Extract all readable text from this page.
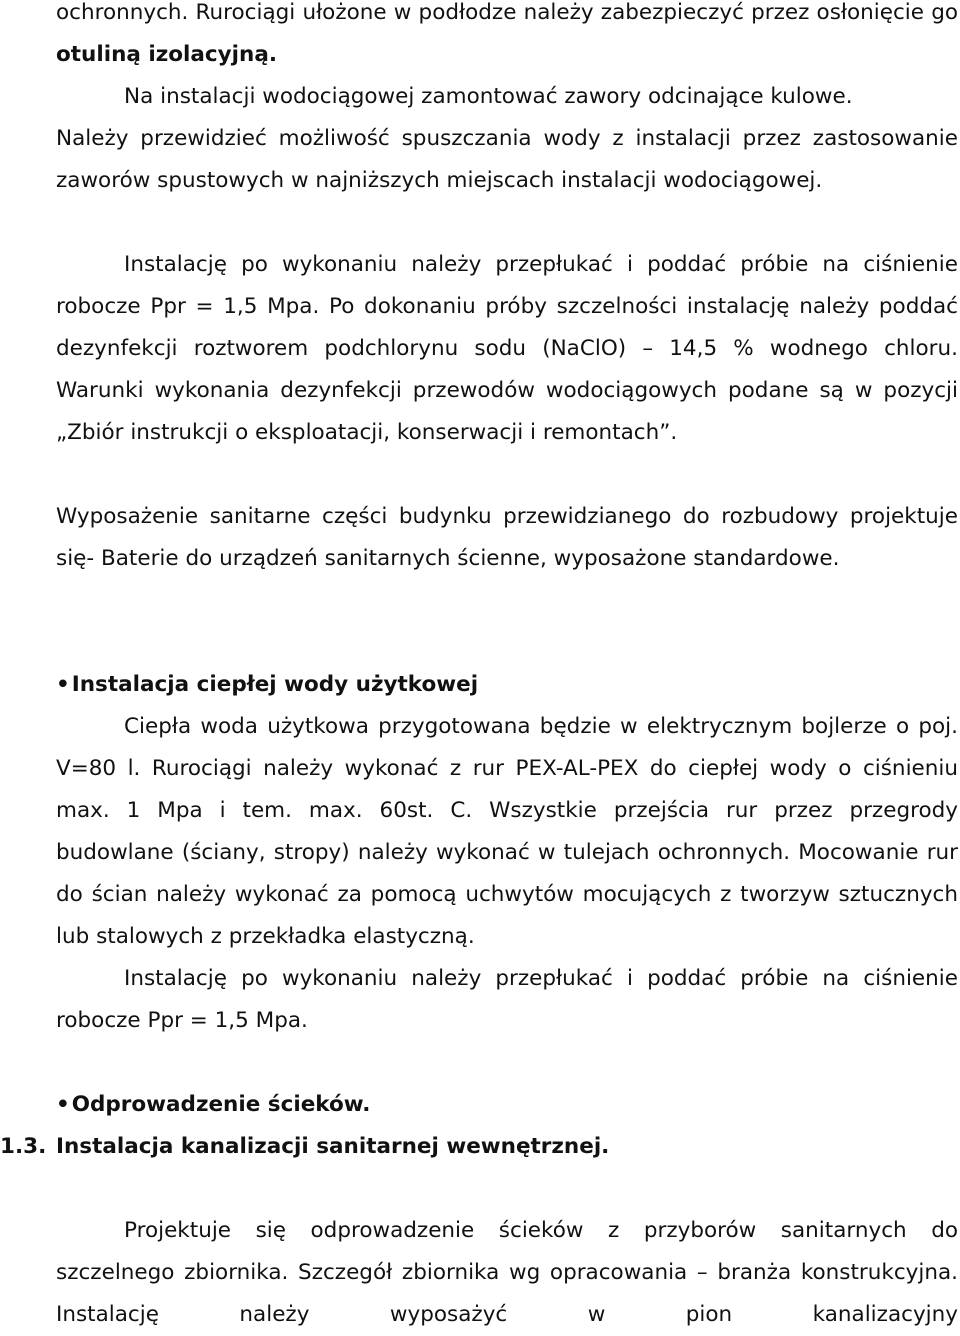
ochronnych. Rurociągi ułożone w podłodze należy zabezpieczyć przez osłonięcie go otuliną izolacyjną.

Na instalacji wodociągowej zamontować zawory odcinające kulowe.

Należy przewidzieć możliwość spuszczania wody z instalacji przez zastosowanie zaworów spustowych w najniższych miejscach instalacji wodociągowej.

Instalację po wykonaniu należy przepłukać i poddać próbie na ciśnienie robocze Ppr = 1,5 Mpa. Po dokonaniu próby szczelności instalację należy poddać dezynfekcji roztworem podchlorynu sodu (NaClO) – 14,5 % wodnego chloru. Warunki wykonania dezynfekcji przewodów wodociągowych podane są w pozycji „Zbiór instrukcji o eksploatacji, konserwacji i remontach”.

Wyposażenie sanitarne części budynku przewidzianego do rozbudowy projektuje się- Baterie do urządzeń sanitarnych ścienne, wyposażone standardowe.

•Instalacja ciepłej wody użytkowej

Ciepła woda użytkowa przygotowana będzie w elektrycznym bojlerze o poj. V=80 l. Rurociągi należy wykonać z rur PEX-AL-PEX do ciepłej wody o ciśnieniu max. 1 Mpa i tem. max. 60st. C. Wszystkie przejścia rur przez przegrody budowlane (ściany, stropy) należy wykonać w tulejach ochronnych. Mocowanie rur do ścian należy wykonać za pomocą uchwytów mocujących z tworzyw sztucznych lub stalowych z przekładka elastyczną.

Instalację po wykonaniu należy przepłukać i poddać próbie na ciśnienie robocze Ppr = 1,5 Mpa.

•Odprowadzenie ścieków.
1.3. Instalacja kanalizacji sanitarnej wewnętrznej.

Projektuje się odprowadzenie ścieków z przyborów sanitarnych do szczelnego zbiornika. Szczegół zbiornika wg opracowania – branża konstrukcyjna. Instalację należy wyposażyć w pion kanalizacyjny
